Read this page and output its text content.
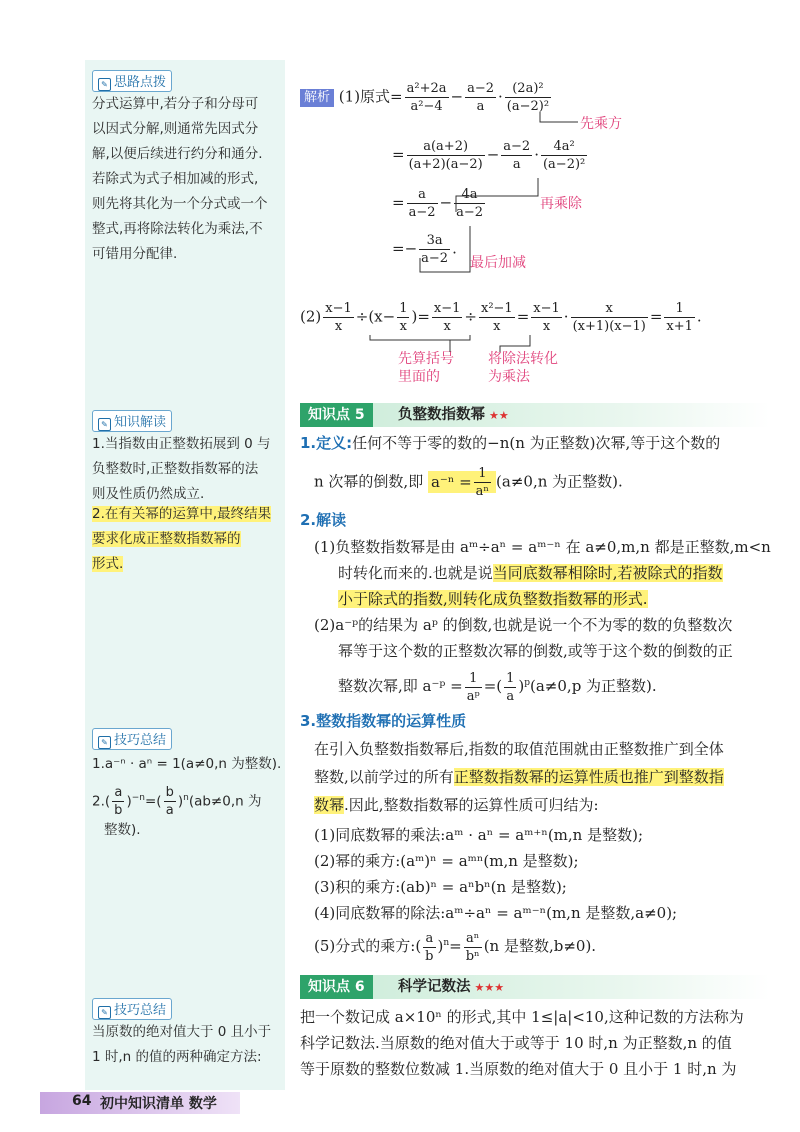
✎ 思路点拨
分式运算中,若分子和分母可
以因式分解,则通常先因式分
解,以便后续进行约分和通分.
若除式为式子相加减的形式,
则先将其化为一个分式或一个
整式,再将除法转化为乘法,不
可错用分配律.
✎ 知识解读
1.当指数由正整数拓展到 0 与
负整数时,正整数指数幂的法
则及性质仍然成立.
2.在有关幂的运算中,最终结果
要求化成正整数指数幂的
形式.
✎ 技巧总结
1.a⁻ⁿ · aⁿ = 1(a≠0,n 为整数).
$2.( \frac{a}{b} )^{-n}=( \frac{b}{a} )^n(ab\ne 0,n$ 为
整数).
✎ 技巧总结
当原数的绝对值大于 0 且小于
1 时,n 的值的两种确定方法:
解析 (1)原式= $\frac{\text{a²+2a}}{\text{a²−4}} - \frac{a-2}{a} \cdot \frac{\text{(2a)²}}{\text{(a−2)²}}$
= $\frac{a(a+2)}{(a+2)(a-2)} - \frac{a-2}{a} \cdot \frac{\text{4a²}}{\text{(a−2)²}}$
= $\frac{a}{a-2} - \frac{4a}{a-2}$
=− $\frac{3a}{a-2}$ .
先乘方
再乘除
最后加减
$(2) \frac{x-1}{x} \div(x- \frac{1}{x}$ )= $\frac{x-1}{x} \div \frac{\text{x²−1}}{x} = \frac{x-1}{x} \cdot \frac{x}{(x+1)(x-1)} = \frac{1}{x+1}$ .
先算括号
里面的
将除法转化
为乘法
知识点 5	负整数指数幂 ★★
1.定义:任何不等于零的数的−n(n 为正整数)次幂,等于这个数的
n 次幂的倒数,即 $a^{-n} = \frac{1}{\text{aⁿ}} (a\ne 0,n$ 为正整数).
2.解读
(1)负整数指数幂是由 aᵐ÷aⁿ = aᵐ⁻ⁿ 在 a≠0,m,n 都是正整数,m<n
时转化而来的.也就是说当同底数幂相除时,若被除式的指数
小于除式的指数,则转化成负整数指数幂的形式.
(2)a⁻ᵖ的结果为 aᵖ 的倒数,也就是说一个不为零的数的负整数次
幂等于这个数的正整数次幂的倒数,或等于这个数的倒数的正
整数次幂,即 a⁻ᵖ = $\frac{1}{\text{aᵖ}}$ =( $\frac{1}{a} )^p(a\ne 0,p$ 为正整数).
3.整数指数幂的运算性质
在引入负整数指数幂后,指数的取值范围就由正整数推广到全体
整数,以前学过的所有正整数指数幂的运算性质也推广到整数指
数幂.因此,整数指数幂的运算性质可归结为:
(1)同底数幂的乘法:aᵐ · aⁿ = aᵐ⁺ⁿ(m,n 是整数);
(2)幂的乘方:(aᵐ)ⁿ = aᵐⁿ(m,n 是整数);
(3)积的乘方:(ab)ⁿ = aⁿbⁿ(n 是整数);
(4)同底数幂的除法:aᵐ÷aⁿ = aᵐ⁻ⁿ(m,n 是整数,a≠0);
(5)分式的乘方:( $\frac{a}{b} )^n= \frac{\text{aⁿ}}{\text{bⁿ}} (n$ 是整数,b≠0).
知识点 6	科学记数法 ★★★
把一个数记成 a×10ⁿ 的形式,其中 1≤|a|<10,这种记数的方法称为
科学记数法.当原数的绝对值大于或等于 10 时,n 为正整数,n 的值
等于原数的整数位数减 1.当原数的绝对值大于 0 且小于 1 时,n 为
64 初中知识清单 数学
